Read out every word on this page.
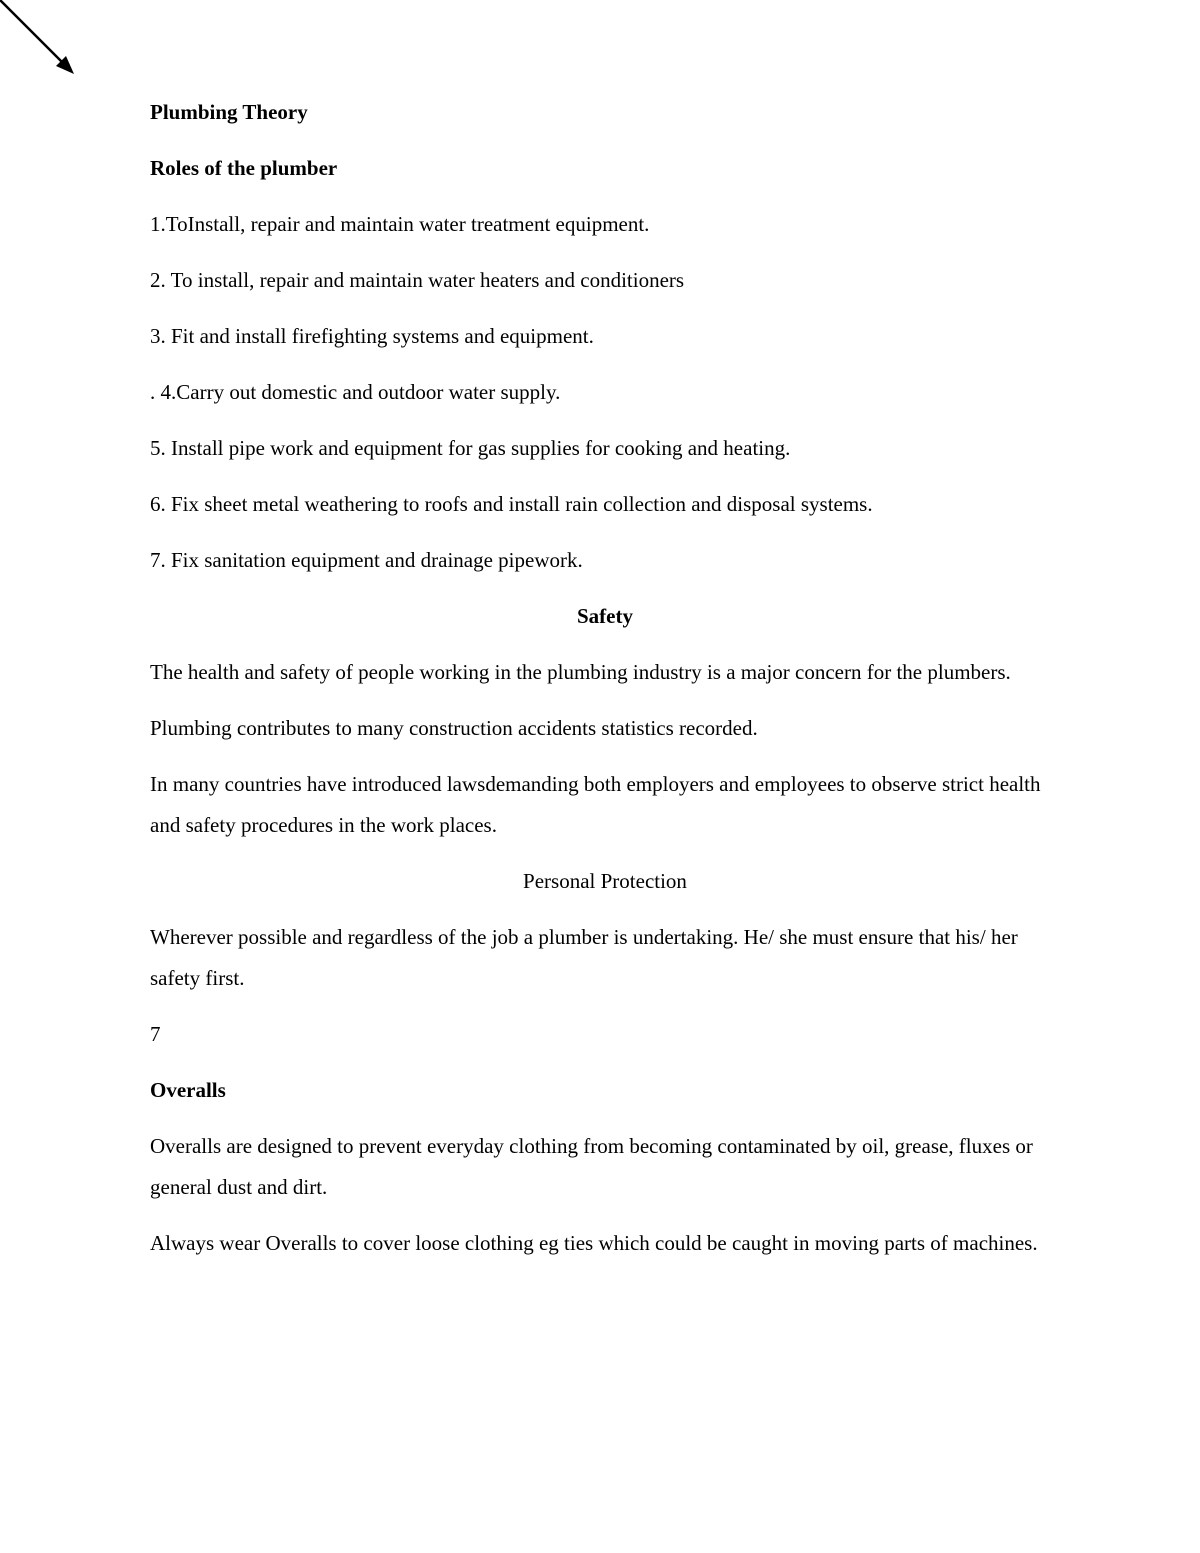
Plumbing Theory

Roles of the plumber

1.ToInstall, repair and maintain water treatment equipment.

2. To install, repair and maintain water heaters and conditioners

3. Fit and install firefighting systems and equipment.

. 4.Carry out domestic and outdoor water supply.

5. Install pipe work and equipment for gas supplies for cooking and heating.

6. Fix sheet metal weathering to roofs and install rain collection and disposal systems.

7. Fix sanitation equipment and drainage pipework.

Safety

The health and safety of people working in the plumbing industry is a major concern for the plumbers.

Plumbing contributes to many construction accidents statistics recorded.

In many countries have introduced lawsdemanding both employers and employees to observe strict health and safety procedures in the work places.

Personal Protection

Wherever possible and regardless of the job a plumber is undertaking. He/ she must ensure that his/ her safety first.

7

Overalls

Overalls are designed to prevent everyday clothing from becoming contaminated by oil, grease, fluxes or general dust and dirt.

Always wear Overalls to cover loose clothing eg ties which could be caught in moving parts of machines.
